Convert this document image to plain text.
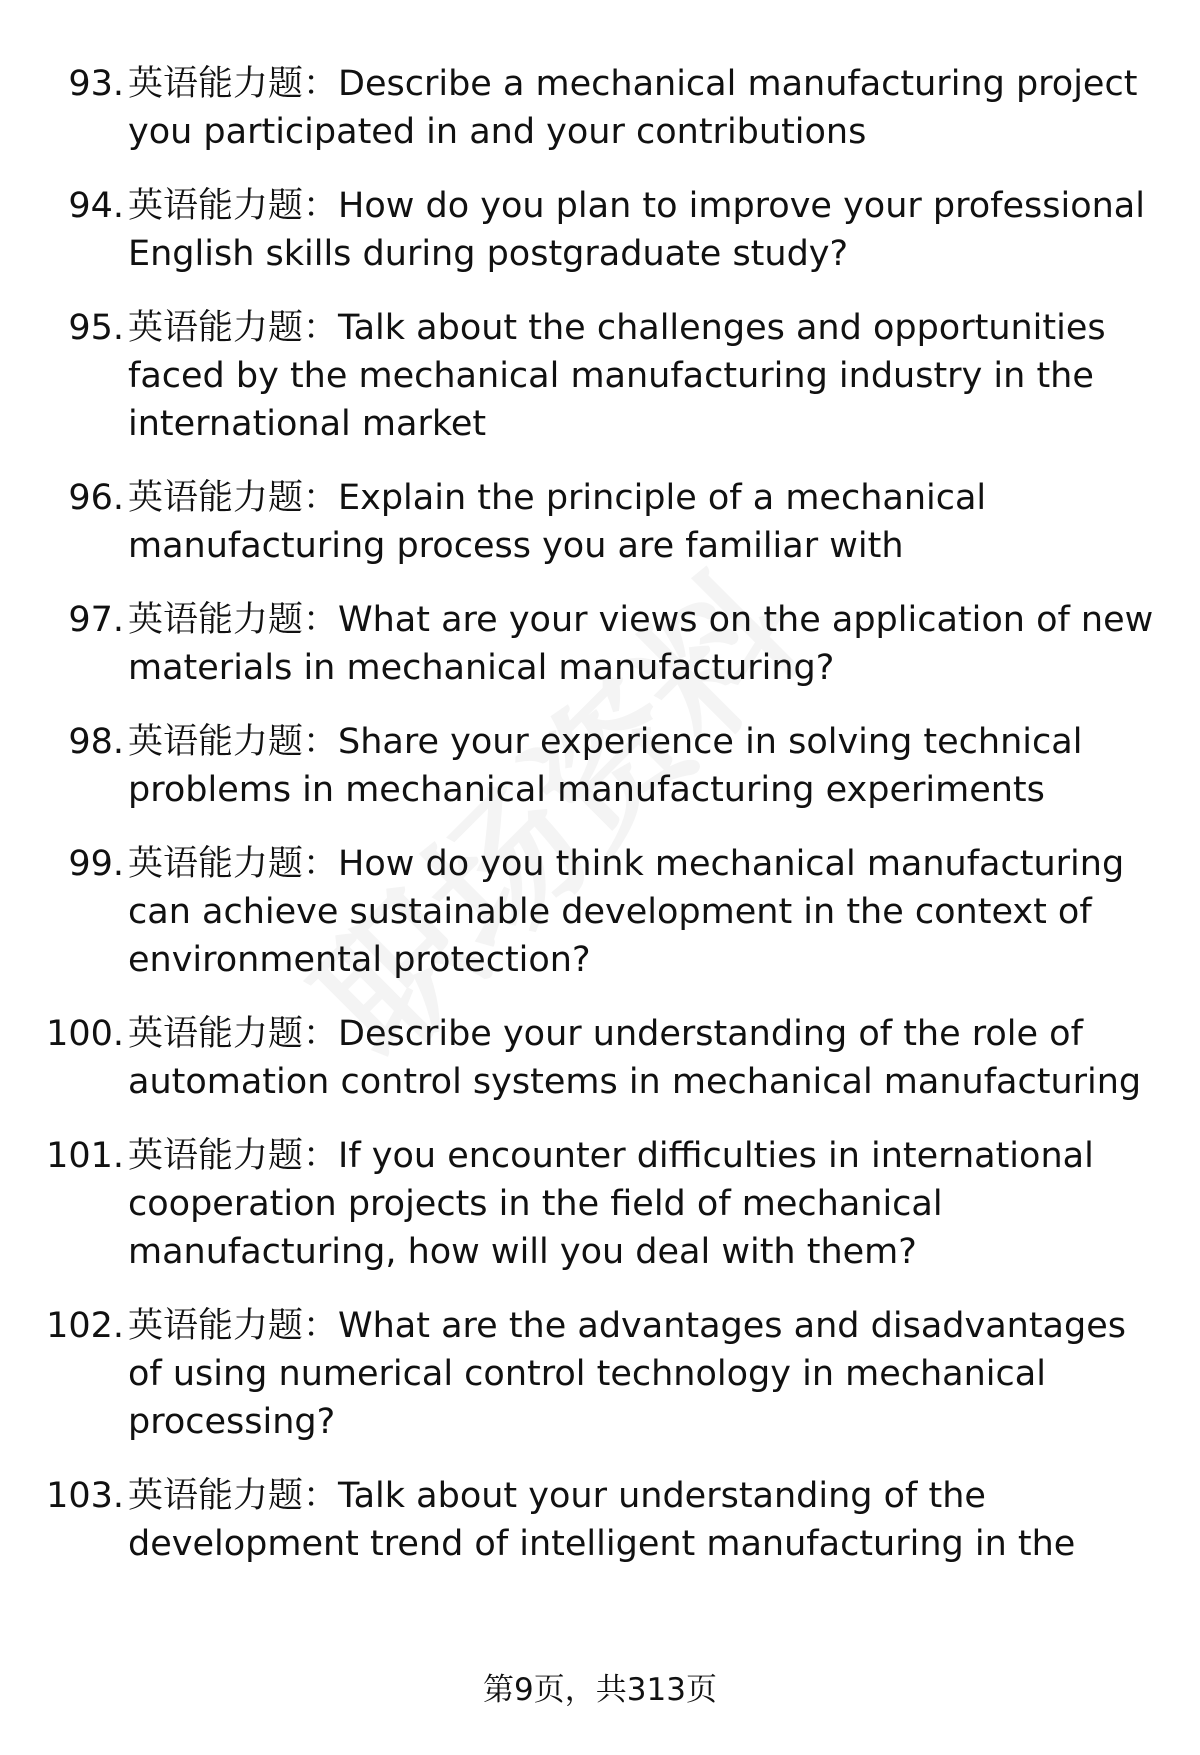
93. 英语能力题：Describe a mechanical manufacturing project you participated in and your contributions
94. 英语能力题：How do you plan to improve your professional English skills during postgraduate study?
95. 英语能力题：Talk about the challenges and opportunities faced by the mechanical manufacturing industry in the international market
96. 英语能力题：Explain the principle of a mechanical manufacturing process you are familiar with
97. 英语能力题：What are your views on the application of new materials in mechanical manufacturing?
98. 英语能力题：Share your experience in solving technical problems in mechanical manufacturing experiments
99. 英语能力题：How do you think mechanical manufacturing can achieve sustainable development in the context of environmental protection?
100. 英语能力题：Describe your understanding of the role of automation control systems in mechanical manufacturing
101. 英语能力题：If you encounter difficulties in international cooperation projects in the field of mechanical manufacturing, how will you deal with them?
102. 英语能力题：What are the advantages and disadvantages of using numerical control technology in mechanical processing?
103. 英语能力题：Talk about your understanding of the development trend of intelligent manufacturing in the
第9页，共313页
